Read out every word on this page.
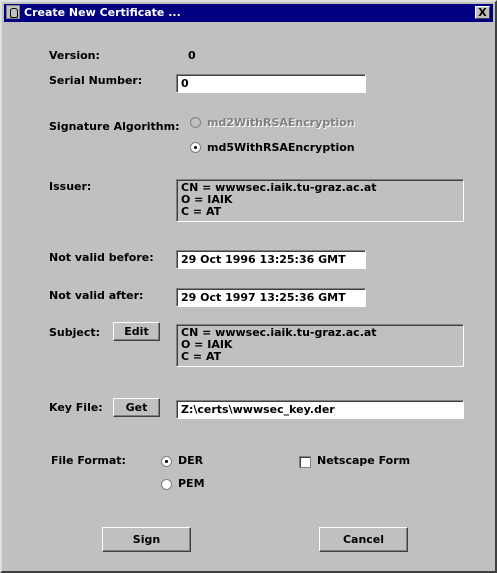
Create New Certificate ...	X
Version:	0
Serial Number:	0
Signature Algorithm:	md2WithRSAEncryption
md5WithRSAEncryption
Issuer:	CN = wwwsec.iaik.tu-graz.ac.at
O = IAIK
C = AT
Not valid before:	29 Oct 1996 13:25:36 GMT
Not valid after:	29 Oct 1997 13:25:36 GMT
Subject:	Edit	CN = wwwsec.iaik.tu-graz.ac.at
O = IAIK
C = AT
Key File:	Get	Z:\certs\wwwsec_key.der
File Format:	DER
PEM
Netscape Form
Sign	Cancel
